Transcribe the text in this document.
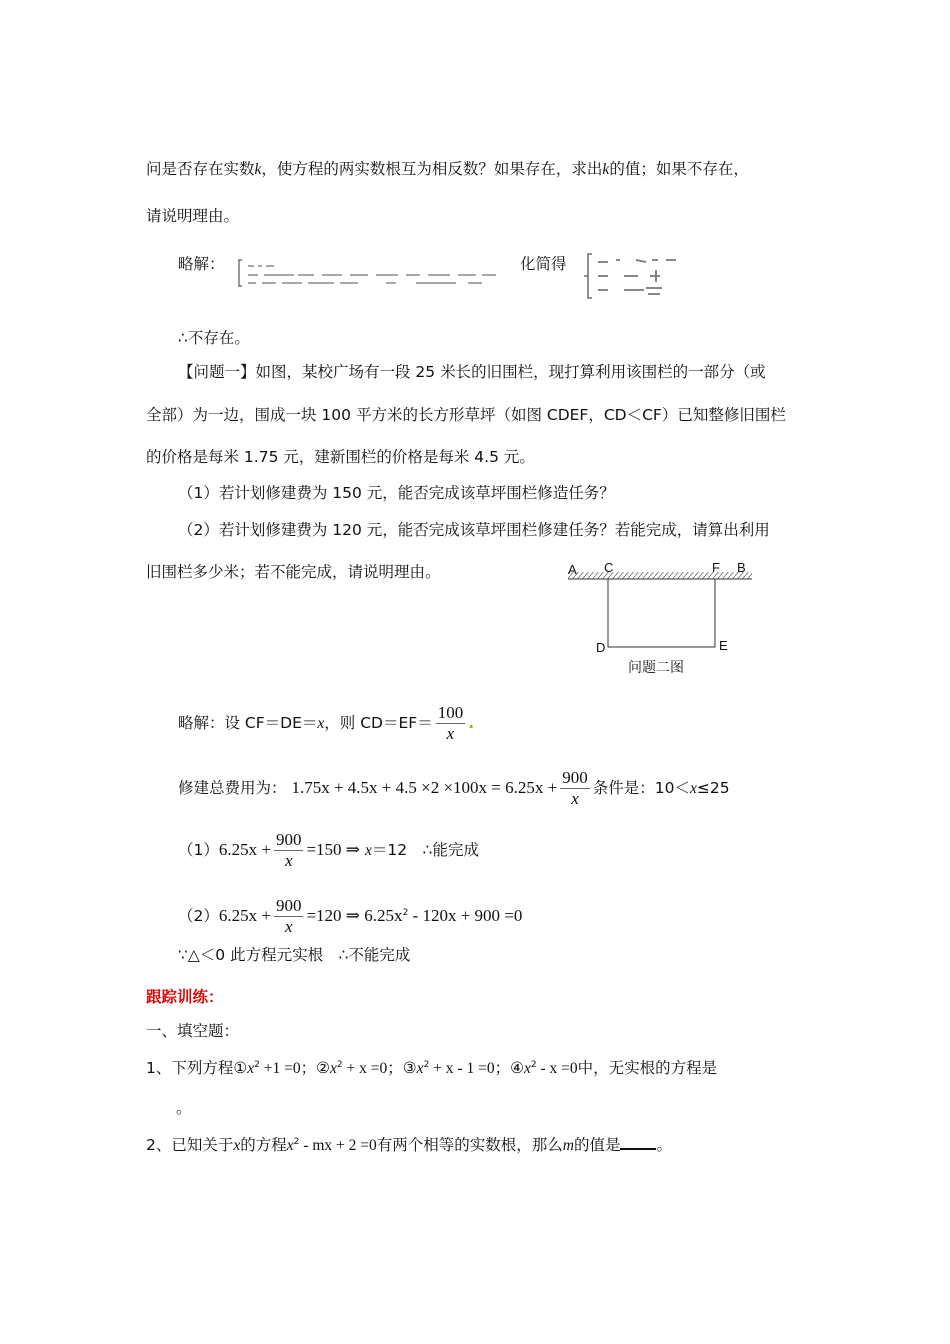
问是否存在实数k，使方程的两实数根互为相反数？如果存在，求出k的值；如果不存在，
请说明理由。
略解：	化简得
∴不存在。
【问题一】如图，某校广场有一段 25 米长的旧围栏，现打算利用该围栏的一部分（或
全部）为一边，围成一块 100 平方米的长方形草坪（如图 CDEF，CD＜CF）已知整修旧围栏
的价格是每米 1.75 元，建新围栏的价格是每米 4.5 元。
（1）若计划修建费为 150 元，能否完成该草坪围栏修造任务？
（2）若计划修建费为 120 元，能否完成该草坪围栏修建任务？若能完成，请算出利用
旧围栏多少米；若不能完成，请说明理由。	A C	F B
D	E
问题二图
略解：设 CF＝DE＝x，则 $CD=EF= \frac{100}{x}$ .
修建总费用为： $1.75x + 4.5x + 4.5 \times 2 \times 100x = 6.25x + \frac{900}{x}$ 条件是：10＜x≤25
$(1)6.25x + \frac{900}{x} =150$ ⇒ x＝12　∴能完成
$(2)6.25x + \frac{900}{x} =120$ ⇒ $6.25x^2 - 120x + 900 =0$
∵△＜0 此方程元实根　∴不能完成
跟踪训练：
一、填空题：
1、下列方程$①x^2 +1 =0$；$②x^2 + x =0$；$③x^2 + x - 1 =0$；$④x^2 - x =0$中，无实根的方程是
。
2、已知关于x的方程$x^2$ - mx + 2 =0有两个相等的实数根，那么m的值是 。
